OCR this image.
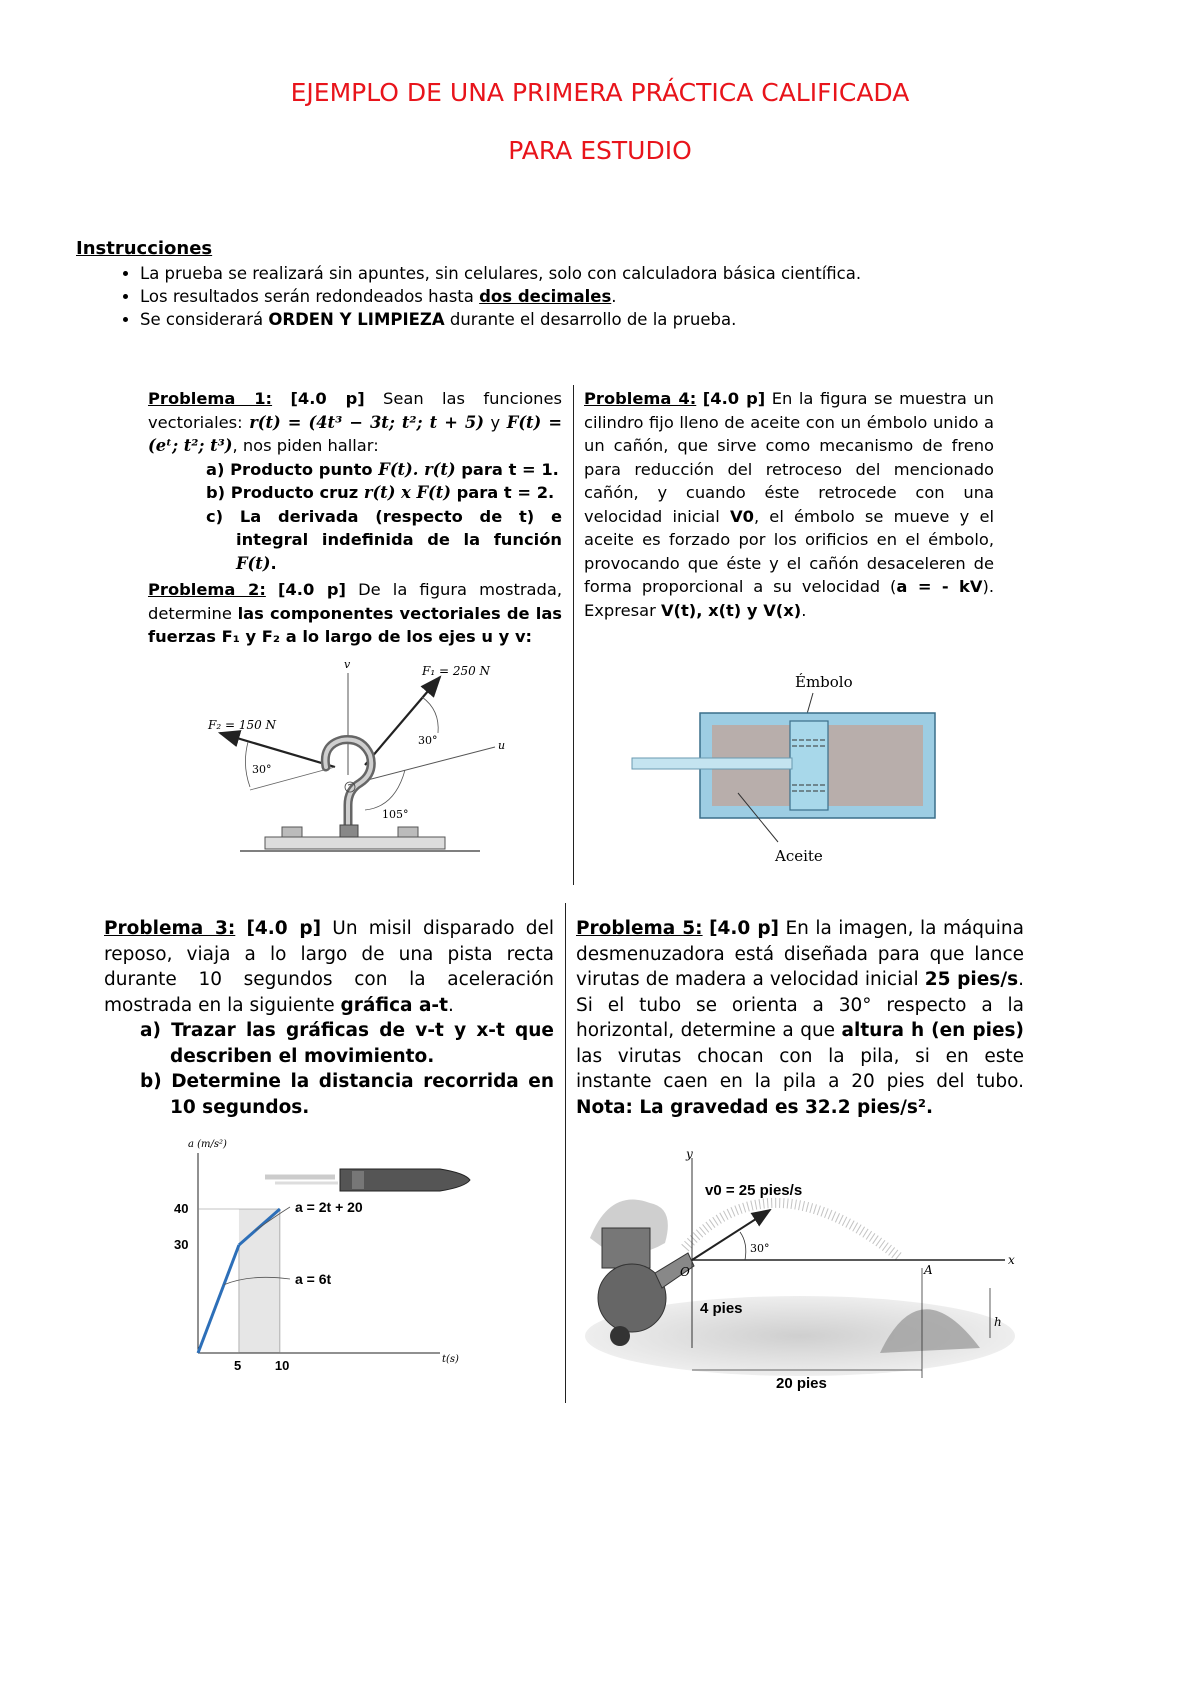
EJEMPLO DE UNA PRIMERA PRÁCTICA CALIFICADA
PARA ESTUDIO
Instrucciones
• La prueba se realizará sin apuntes, sin celulares, solo con calculadora básica científica.
• Los resultados serán redondeados hasta dos decimales.
• Se considerará ORDEN Y LIMPIEZA durante el desarrollo de la prueba.
Problema 1: [4.0 p] Sean las funciones vectoriales: r(t) = (4t³ − 3t; t²; t + 5) y F(t) = (eᵗ; t²; t³), nos piden hallar:
a) Producto punto F(t). r(t) para t = 1.
b) Producto cruz r(t) x F(t) para t = 2.
c) La derivada (respecto de t) e integral indefinida de la función F(t).
Problema 2: [4.0 p] De la figura mostrada, determine las componentes vectoriales de las fuerzas F₁ y F₂ a lo largo de los ejes u y v:
v
u
F₁ = 250 N
F₂ = 150 N
30°
30°
105°
Problema 4: [4.0 p] En la figura se muestra un cilindro fijo lleno de aceite con un émbolo unido a un cañón, que sirve como mecanismo de freno para reducción del retroceso del mencionado cañón, y cuando éste retrocede con una velocidad inicial V0, el émbolo se mueve y el aceite es forzado por los orificios en el émbolo, provocando que éste y el cañón desaceleren de forma proporcional a su velocidad (a = - kV). Expresar V(t), x(t) y V(x).
Émbolo
Aceite
Problema 3: [4.0 p] Un misil disparado del reposo, viaja a lo largo de una pista recta durante 10 segundos con la aceleración mostrada en la siguiente gráfica a-t.
a) Trazar las gráficas de v-t y x-t que describen el movimiento.
b) Determine la distancia recorrida en 10 segundos.
5	10
30
40
a (m/s²)
t(s)
a = 2t + 20
a = 6t
Problema 5: [4.0 p] En la imagen, la máquina desmenuzadora está diseñada para que lance virutas de madera a velocidad inicial 25 pies/s. Si el tubo se orienta a 30° respecto a la horizontal, determine a que altura h (en pies) las virutas chocan con la pila, si en este instante caen en la pila a 20 pies del tubo. Nota: La gravedad es 32.2 pies/s².
y
x
O	A
v0 = 25 pies/s
30°
4 pies
h
20 pies
